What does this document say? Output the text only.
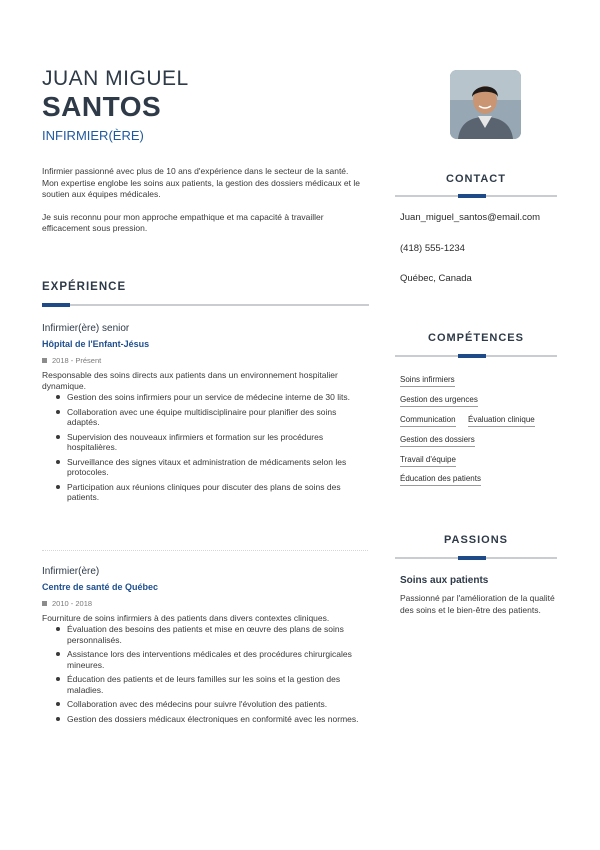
JUAN MIGUEL
SANTOS
INFIRMIER(ÈRE)

Infirmier passionné avec plus de 10 ans d'expérience dans le secteur de la santé. Mon expertise englobe les soins aux patients, la gestion des dossiers médicaux et le soutien aux équipes médicales.

Je suis reconnu pour mon approche empathique et ma capacité à travailler efficacement sous pression.

EXPÉRIENCE
Infirmier(ère) senior
Hôpital de l'Enfant-Jésus
2018 - Présent
Responsable des soins directs aux patients dans un environnement hospitalier dynamique.
Gestion des soins infirmiers pour un service de médecine interne de 30 lits.
Collaboration avec une équipe multidisciplinaire pour planifier des soins adaptés.
Supervision des nouveaux infirmiers et formation sur les procédures hospitalières.
Surveillance des signes vitaux et administration de médicaments selon les protocoles.
Participation aux réunions cliniques pour discuter des plans de soins des patients.
Infirmier(ère)
Centre de santé de Québec
2010 - 2018
Fourniture de soins infirmiers à des patients dans divers contextes cliniques.
Évaluation des besoins des patients et mise en œuvre des plans de soins personnalisés.
Assistance lors des interventions médicales et des procédures chirurgicales mineures.
Éducation des patients et de leurs familles sur les soins et la gestion des maladies.
Collaboration avec des médecins pour suivre l'évolution des patients.
Gestion des dossiers médicaux électroniques en conformité avec les normes.
CONTACT
Juan_miguel_santos@email.com
(418) 555-1234
Québec, Canada
COMPÉTENCES
Soins infirmiers
Gestion des urgences
Communication Évaluation clinique
Gestion des dossiers
Travail d'équipe
Éducation des patients
PASSIONS
Soins aux patients
Passionné par l'amélioration de la qualité des soins et le bien-être des patients.
